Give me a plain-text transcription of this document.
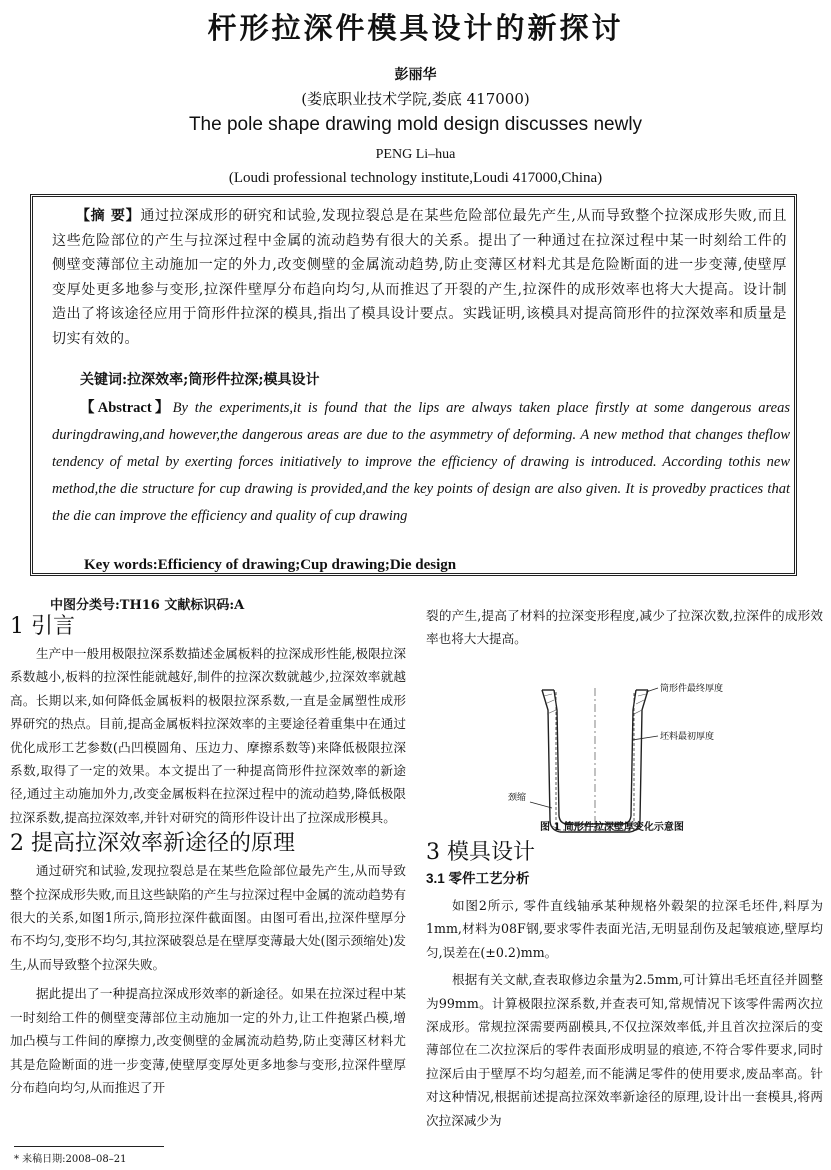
杆形拉深件模具设计的新探讨
彭丽华
(娄底职业技术学院,娄底 417000)
The pole shape drawing mold design discusses newly
PENG Li–hua
(Loudi professional technology institute,Loudi 417000,China)
【摘 要】通过拉深成形的研究和试验,发现拉裂总是在某些危险部位最先产生,从而导致整个拉深成形失败,而且这些危险部位的产生与拉深过程中金属的流动趋势有很大的关系。提出了一种通过在拉深过程中某一时刻给工件的侧壁变薄部位主动施加一定的外力,改变侧壁的金属流动趋势,防止变薄区材料尤其是危险断面的进一步变薄,使壁厚变厚处更多地参与变形,拉深件壁厚分布趋向均匀,从而推迟了开裂的产生,拉深件的成形效率也将大大提高。设计制造出了将该途径应用于筒形件拉深的模具,指出了模具设计要点。实践证明,该模具对提高筒形件的拉深效率和质量是切实有效的。
关键词:拉深效率;筒形件拉深;模具设计
【Abstract】By the experiments,it is found that the lips are always taken place firstly at some dangerous areas duringdrawing,and however,the dangerous areas are due to the asymmetry of deforming. A new method that changes theflow tendency of metal by exerting forces initiatively to improve the efficiency of drawing is introduced. According tothis new method,the die structure for cup drawing is provided,and the key points of design are also given. It is provedby practices that the die can improve the efficiency and quality of cup drawing
Key words:Efficiency of drawing;Cup drawing;Die design
中图分类号:TH16 文献标识码:A
1 引言

生产中一般用极限拉深系数描述金属板料的拉深成形性能,极限拉深系数越小,板料的拉深性能就越好,制件的拉深次数就越少,拉深效率就越高。长期以来,如何降低金属板料的极限拉深系数,一直是金属塑性成形界研究的热点。目前,提高金属板料拉深效率的主要途径着重集中在通过优化成形工艺参数(凸凹模圆角、压边力、摩擦系数等)来降低极限拉深系数,取得了一定的效果。本文提出了一种提高筒形件拉深效率的新途径,通过主动施加外力,改变金属板料在拉深过程中的流动趋势,降低极限拉深系数,提高拉深效率,并针对研究的筒形件设计出了拉深成形模具。

2 提高拉深效率新途径的原理

通过研究和试验,发现拉裂总是在某些危险部位最先产生,从而导致整个拉深成形失败,而且这些缺陷的产生与拉深过程中金属的流动趋势有很大的关系,如图1所示,筒形拉深件截面图。由图可看出,拉深件壁厚分布不均匀,变形不均匀,其拉深破裂总是在壁厚变薄最大处(图示颈缩处)发生,从而导致整个拉深失败。

据此提出了一种提高拉深成形效率的新途径。如果在拉深过程中某一时刻给工件的侧壁变薄部位主动施加一定的外力,让工件抱紧凸模,增加凸模与工件间的摩擦力,改变侧壁的金属流动趋势,防止变薄区材料尤其是危险断面的进一步变薄,使壁厚变厚处更多地参与变形,拉深件壁厚分布趋向均匀,从而推迟了开

裂的产生,提高了材料的拉深变形程度,减少了拉深次数,拉深件的成形效率也将大大提高。

筒形件最终厚度
坯料最初厚度
颈缩
图 1 筒形件拉深壁厚变化示意图
3 模具设计
3.1 零件工艺分析

如图2所示, 零件直线轴承某种规格外毂架的拉深毛坯件,料厚为1mm,材料为08F钢,要求零件表面光洁,无明显刮伤及起皱痕迹,壁厚均匀,误差在(±0.2)mm。

根据有关文献,查表取修边余量为2.5mm,可计算出毛坯直径并圆整为99mm。计算极限拉深系数,并查表可知,常规情况下该零件需两次拉深成形。常规拉深需要两副模具,不仅拉深效率低,并且首次拉深后的变薄部位在二次拉深后的零件表面形成明显的痕迹,不符合零件要求,同时拉深后由于壁厚不均匀超差,而不能满足零件的使用要求,废品率高。针对这种情况,根据前述提高拉深效率新途径的原理,设计出一套模具,将两次拉深减少为

* 来稿日期:2008–08–21
